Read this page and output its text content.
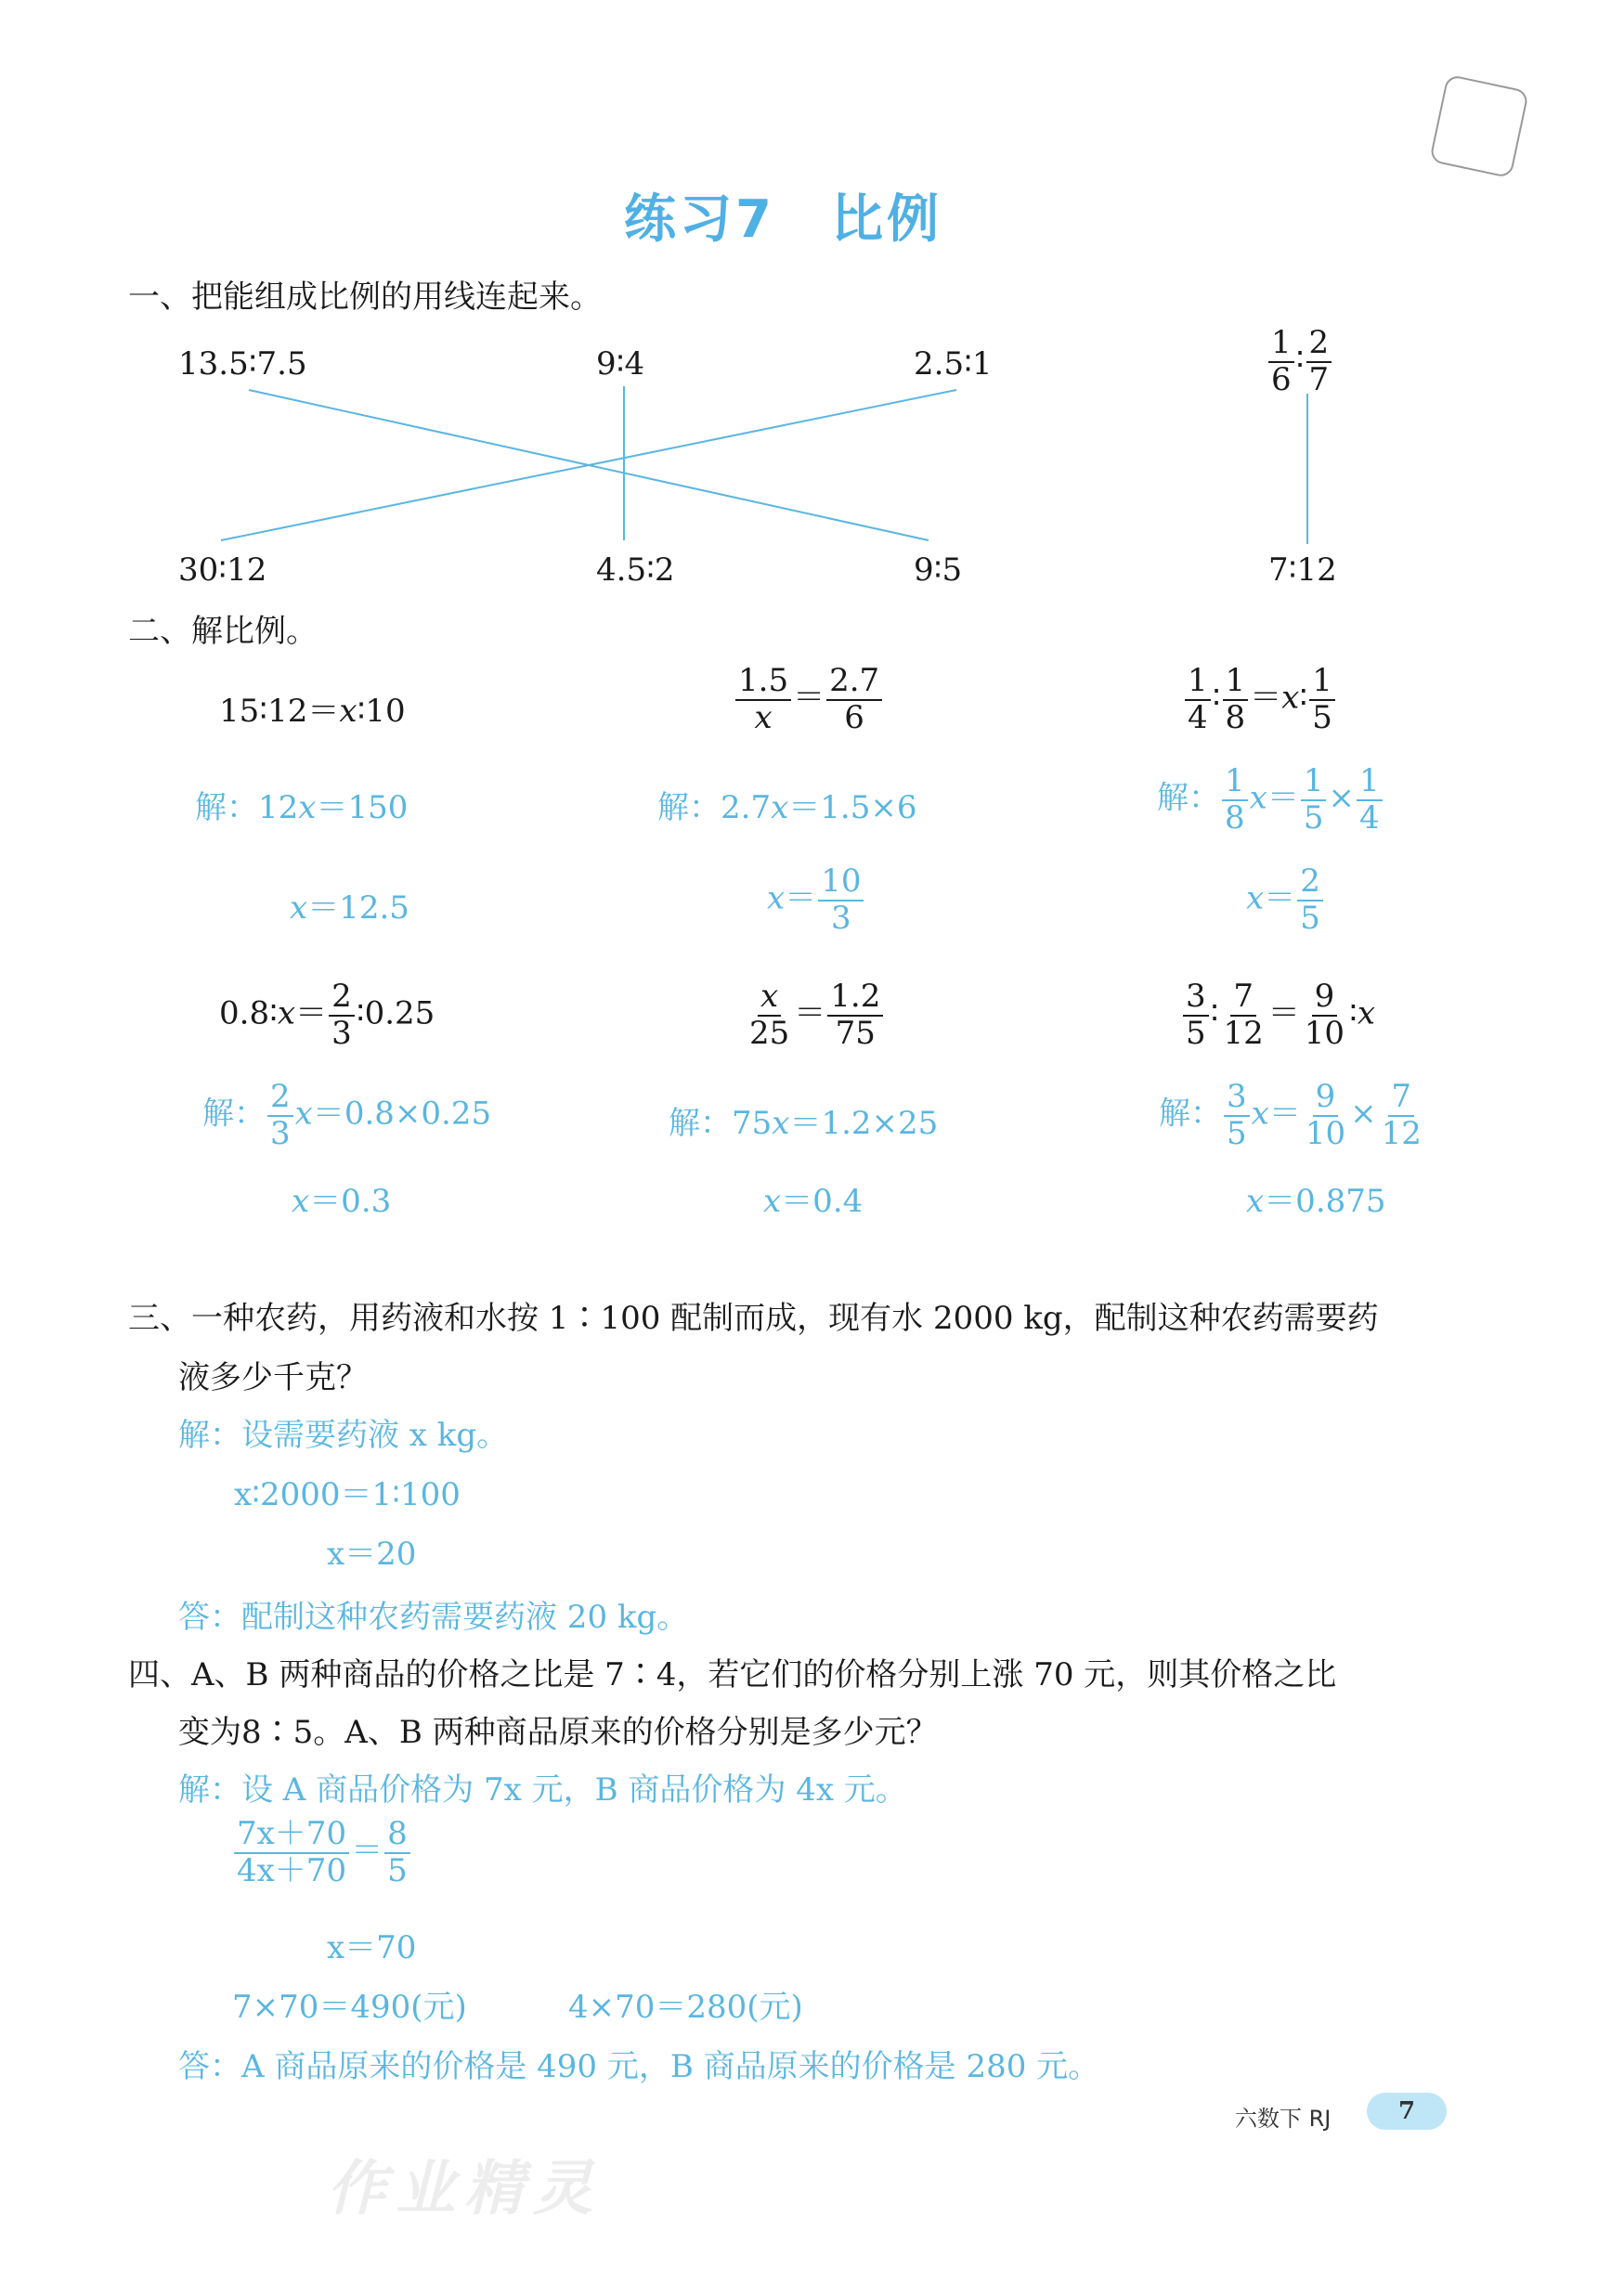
练习7　比例
一、把能组成比例的用线连起来。
13.5∶7.5	9∶4	2.5∶1	$\frac{1}{6}$ ∶ $\frac{2}{7}$
30∶12	4.5∶2	9∶5	7∶12
二、解比例。
15∶12＝x∶10
解：12x＝150
x＝12.5
$\frac{1.5}{x} = \frac{2.7}{6}$
解：2.7x＝1.5×6
$x= \frac{10}{3}$
$\frac{1}{4}$ ∶ $\frac{1}{8}$ ＝x∶ $\frac{1}{5}$
解： $\frac{1}{8} x= \frac{1}{5} \times \frac{1}{4}$
$x= \frac{2}{5}$
0.8∶x＝ $\frac{2}{3}$ ∶0.25
解： $\frac{2}{3} x=0.8\times 0.25$
x＝0.3
$\frac{x}{25} = \frac{1.2}{75}$
解：75x＝1.2×25
x＝0.4
$\frac{3}{5}$ ∶ $\frac{7}{12} = \frac{9}{10}$ ∶x
解： $\frac{3}{5} x= \frac{9}{10} \times \frac{7}{12}$
x＝0.875
三、一种农药，用药液和水按 1∶100 配制而成，现有水 2000 kg，配制这种农药需要药
液多少千克？
解：设需要药液 x kg。
x∶2000＝1∶100
x＝20
答：配制这种农药需要药液 20 kg。
四、A、B 两种商品的价格之比是 7∶4，若它们的价格分别上涨 70 元，则其价格之比
变为8∶5。A、B 两种商品原来的价格分别是多少元？
解：设 A 商品价格为 7x 元，B 商品价格为 4x 元。
$\frac{7x+70}{4x+70} = \frac{8}{5}$
x＝70
7×70＝490(元)	4×70＝280(元)
答：A 商品原来的价格是 490 元，B 商品原来的价格是 280 元。
作业精灵
六数下 RJ	7
